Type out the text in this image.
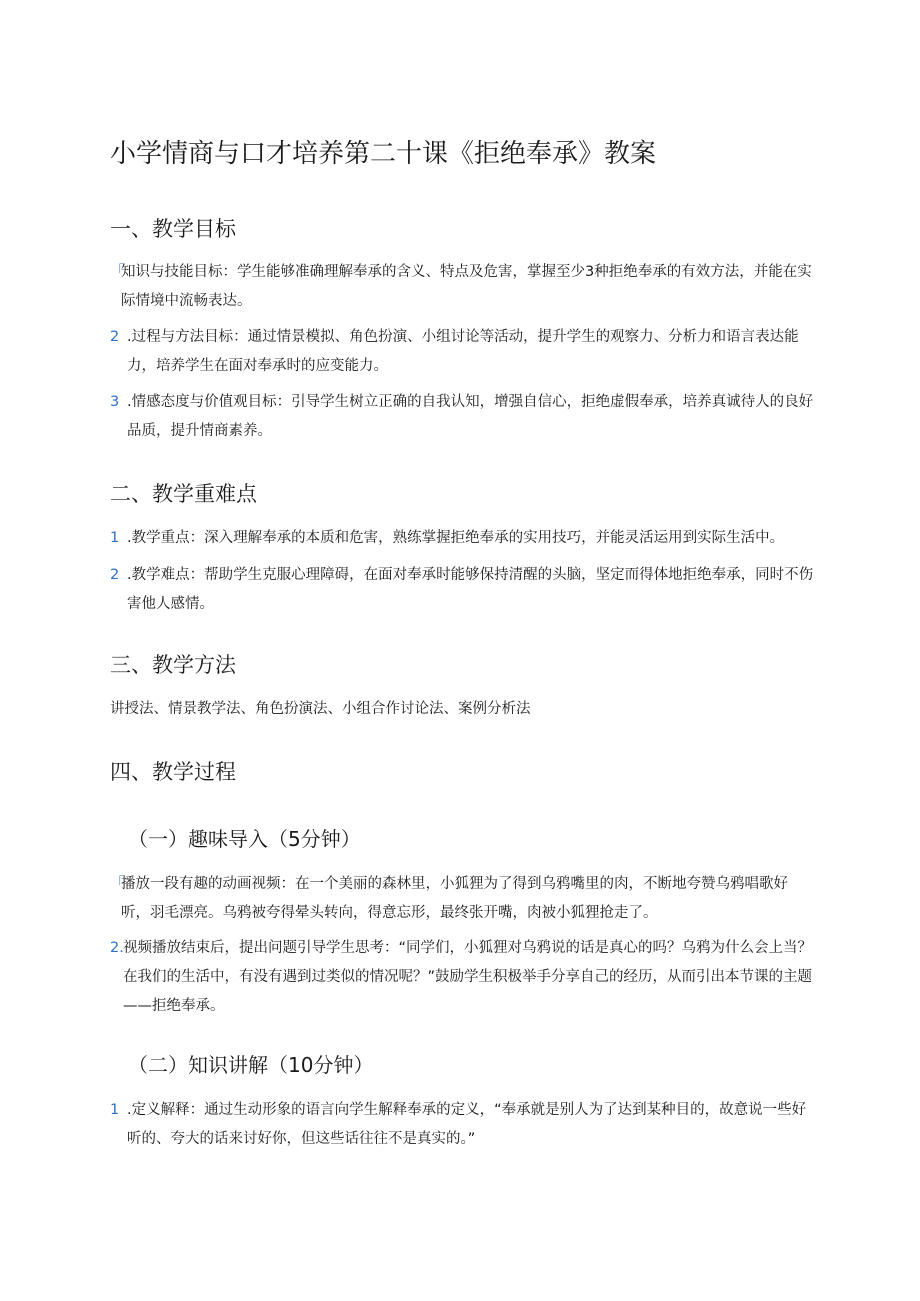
小学情商与口才培养第二十课《拒绝奉承》教案
一、教学目标
「
知识与技能目标：学生能够准确理解奉承的含义、特点及危害，掌握至少3种拒绝奉承的有效方法，并能在实际情境中流畅表达。
2 .过程与方法目标：通过情景模拟、角色扮演、小组讨论等活动，提升学生的观察力、分析力和语言表达能力，培养学生在面对奉承时的应变能力。
3 .情感态度与价值观目标：引导学生树立正确的自我认知，增强自信心，拒绝虚假奉承，培养真诚待人的良好品质，提升情商素养。
二、教学重难点
1 .教学重点：深入理解奉承的本质和危害，熟练掌握拒绝奉承的实用技巧，并能灵活运用到实际生活中。
2 .教学难点：帮助学生克服心理障碍，在面对奉承时能够保持清醒的头脑，坚定而得体地拒绝奉承，同时不伤害他人感情。
三、教学方法
讲授法、情景教学法、角色扮演法、小组合作讨论法、案例分析法
四、教学过程
（一）趣味导入（5分钟）
「
播放一段有趣的动画视频：在一个美丽的森林里，小狐狸为了得到乌鸦嘴里的肉，不断地夸赞乌鸦唱歌好听，羽毛漂亮。乌鸦被夸得晕头转向，得意忘形，最终张开嘴，肉被小狐狸抢走了。
2. 视频播放结束后，提出问题引导学生思考：“同学们，小狐狸对乌鸦说的话是真心的吗？乌鸦为什么会上当？在我们的生活中，有没有遇到过类似的情况呢？”鼓励学生积极举手分享自己的经历，从而引出本节课的主题——拒绝奉承。
（二）知识讲解（10分钟）
1 .定义解释：通过生动形象的语言向学生解释奉承的定义，“奉承就是别人为了达到某种目的，故意说一些好听的、夸大的话来讨好你，但这些话往往不是真实的。”
